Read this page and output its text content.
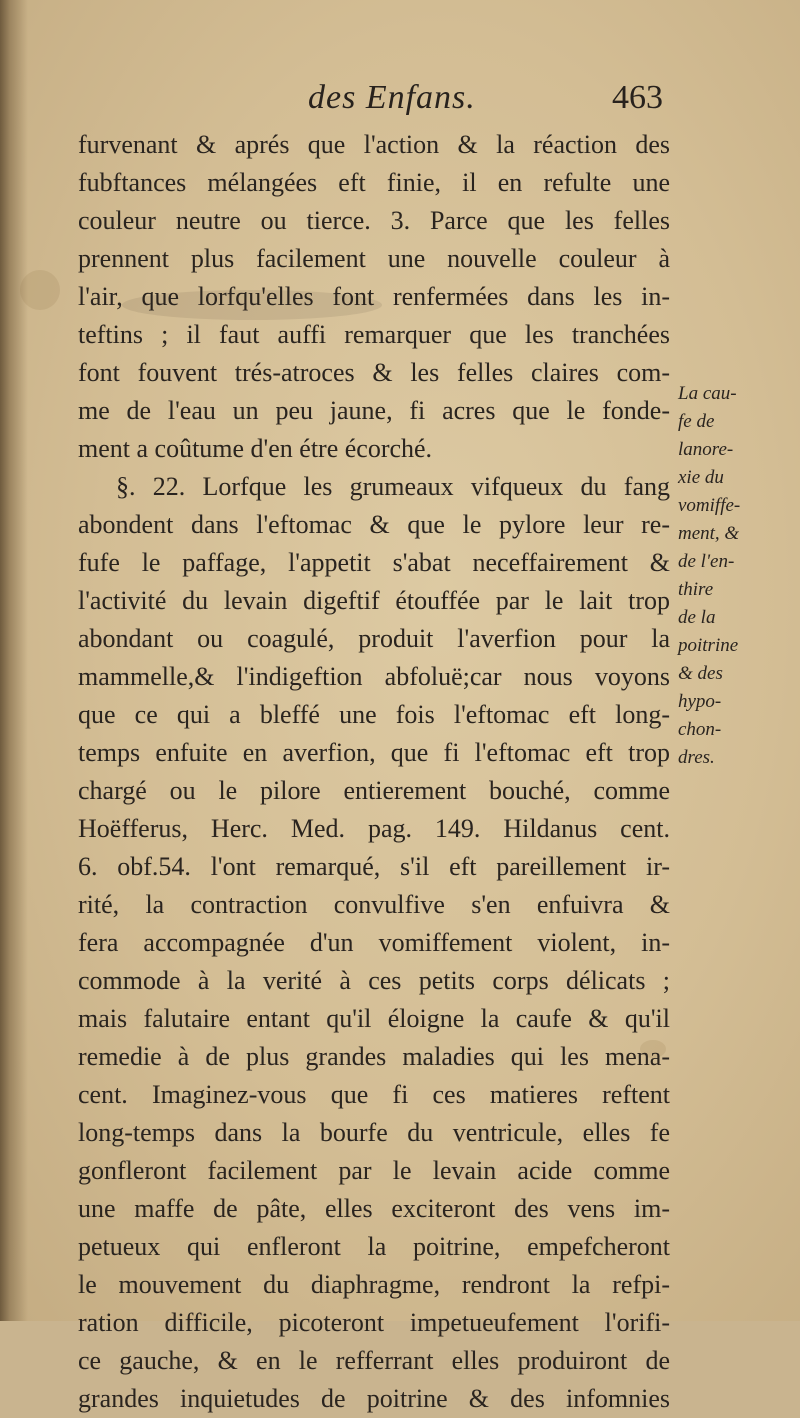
des Enfans.	463
furvenant & aprés que l'action & la réaction des
fubftances mélangées eft finie, il en refulte une
couleur neutre ou tierce. 3. Parce que les felles
prennent plus facilement une nouvelle couleur à
l'air, que lorfqu'elles font renfermées dans les in-
teftins ; il faut auffi remarquer que les tranchées
font fouvent trés-atroces & les felles claires com-
me de l'eau un peu jaune, fi acres que le fonde-
ment a coûtume d'en étre écorché.
§. 22. Lorfque les grumeaux vifqueux du fang
abondent dans l'eftomac & que le pylore leur re-
fufe le paffage, l'appetit s'abat neceffairement &
l'activité du levain digeftif étouffée par le lait trop
abondant ou coagulé, produit l'averfion pour la
mammelle,& l'indigeftion abfoluë;car nous voyons
que ce qui a bleffé une fois l'eftomac eft long-
temps enfuite en averfion, que fi l'eftomac eft trop
chargé ou le pilore entierement bouché, comme
Hoëfferus, Herc. Med. pag. 149. Hildanus cent.
6. obf.54. l'ont remarqué, s'il eft pareillement ir-
rité, la contraction convulfive s'en enfuivra &
fera accompagnée d'un vomiffement violent, in-
commode à la verité à ces petits corps délicats ;
mais falutaire entant qu'il éloigne la caufe & qu'il
remedie à de plus grandes maladies qui les mena-
cent. Imaginez-vous que fi ces matieres reftent
long-temps dans la bourfe du ventricule, elles fe
gonfleront facilement par le levain acide comme
une maffe de pâte, elles exciteront des vens im-
petueux qui enfleront la poitrine, empefcheront
le mouvement du diaphragme, rendront la refpi-
ration difficile, picoteront impetueufement l'orifi-
ce gauche, & en le refferrant elles produiront de
grandes inquietudes de poitrine & des infomnies
La cau-
fe de
lanore-
xie du
vomiffe-
ment, &
de l'en-
thire
de la
poitrine
& des
hypo-
chon-
dres.
